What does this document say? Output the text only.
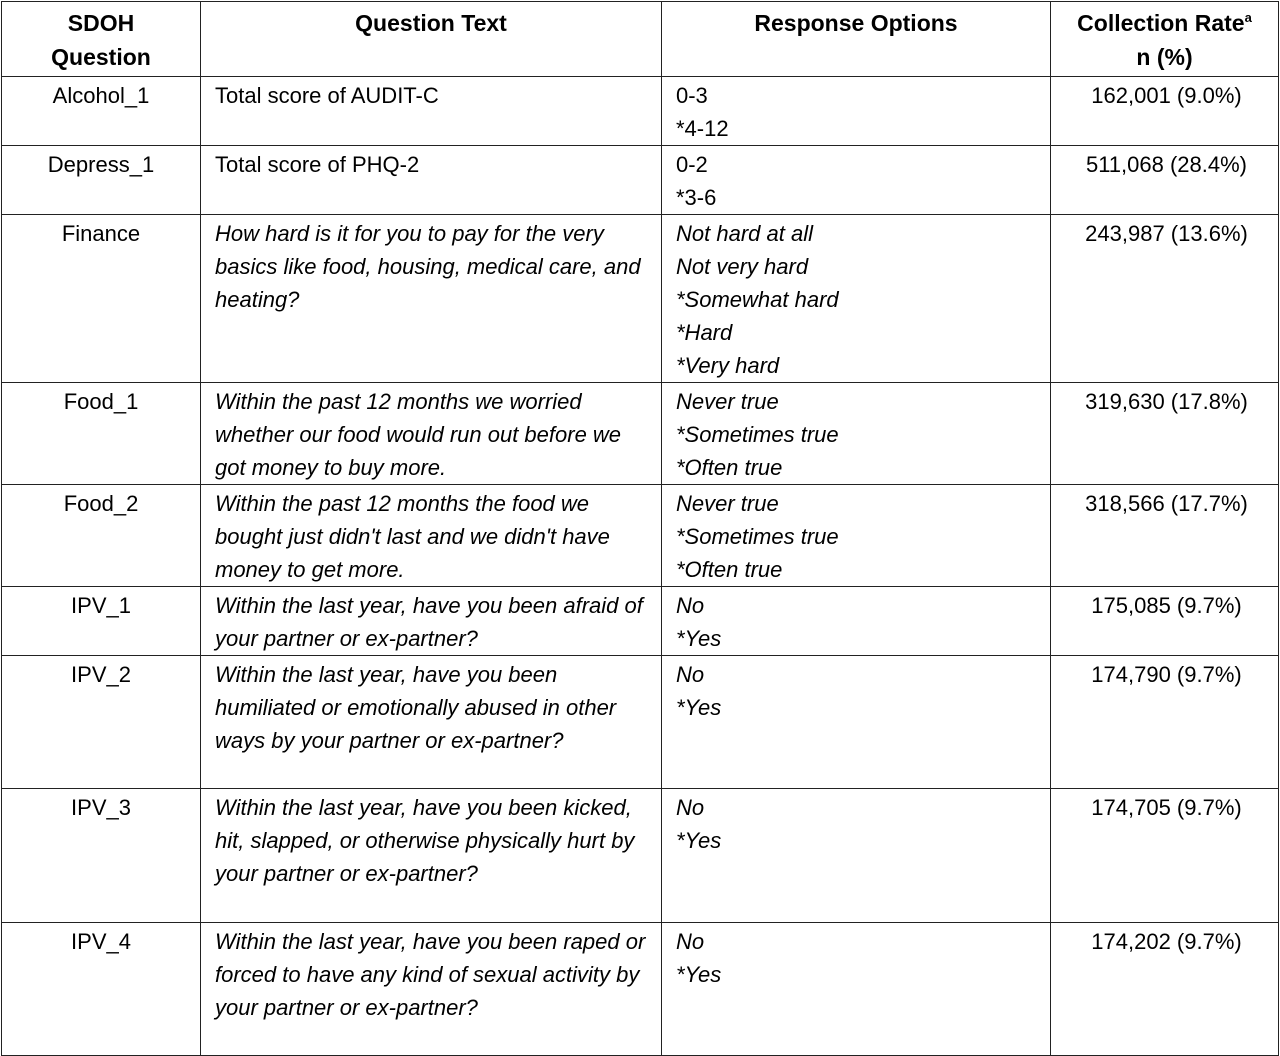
SDOH Question	Question Text	Response Options	Collection Rate$^a$
n (%)
Alcohol_1	Total score of AUDIT-C	0-3
*4-12	162,001 (9.0%)
Depress_1	Total score of PHQ-2	0-2
*3-6	511,068 (28.4%)
Finance	How hard is it for you to pay for the very basics like food, housing, medical care, and heating?	Not hard at all
Not very hard
*Somewhat hard
*Hard
*Very hard	243,987 (13.6%)
Food_1	Within the past 12 months we worried whether our food would run out before we got money to buy more.	Never true
*Sometimes true
*Often true	319,630 (17.8%)
Food_2	Within the past 12 months the food we bought just didn't last and we didn't have money to get more.	Never true
*Sometimes true
*Often true	318,566 (17.7%)
IPV_1	Within the last year, have you been afraid of your partner or ex-partner?	No
*Yes	175,085 (9.7%)
IPV_2	Within the last year, have you been humiliated or emotionally abused in other ways by your partner or ex-partner?	No
*Yes	174,790 (9.7%)
IPV_3	Within the last year, have you been kicked, hit, slapped, or otherwise physically hurt by your partner or ex-partner?	No
*Yes	174,705 (9.7%)
IPV_4	Within the last year, have you been raped or forced to have any kind of sexual activity by your partner or ex-partner?	No
*Yes	174,202 (9.7%)
